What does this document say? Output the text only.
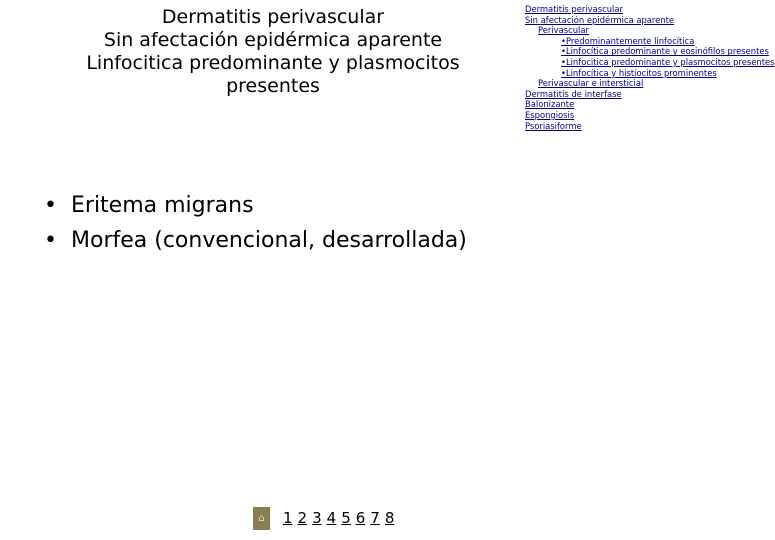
Dermatitis perivascular
Sin afectación epidérmica aparente
Linfocitica predominante y plasmocitos
presentes
Dermatitis perivascular
Sin afectación epidérmica aparente
Perivascular
•Predominantemente linfocítica
•Linfocítica predominante y eosinófilos presentes
•Linfocitica predominante y plasmocitos presentes
•Linfocítica y histiocitos prominentes
Perivascular e intersticial
Dermatitis de interfase
Balonizante
Espongiosis
Psoriasiforme
• Eritema migrans
• Morfea (convencional, desarrollada)
⌂	1 2 3 4 5 6 7 8
